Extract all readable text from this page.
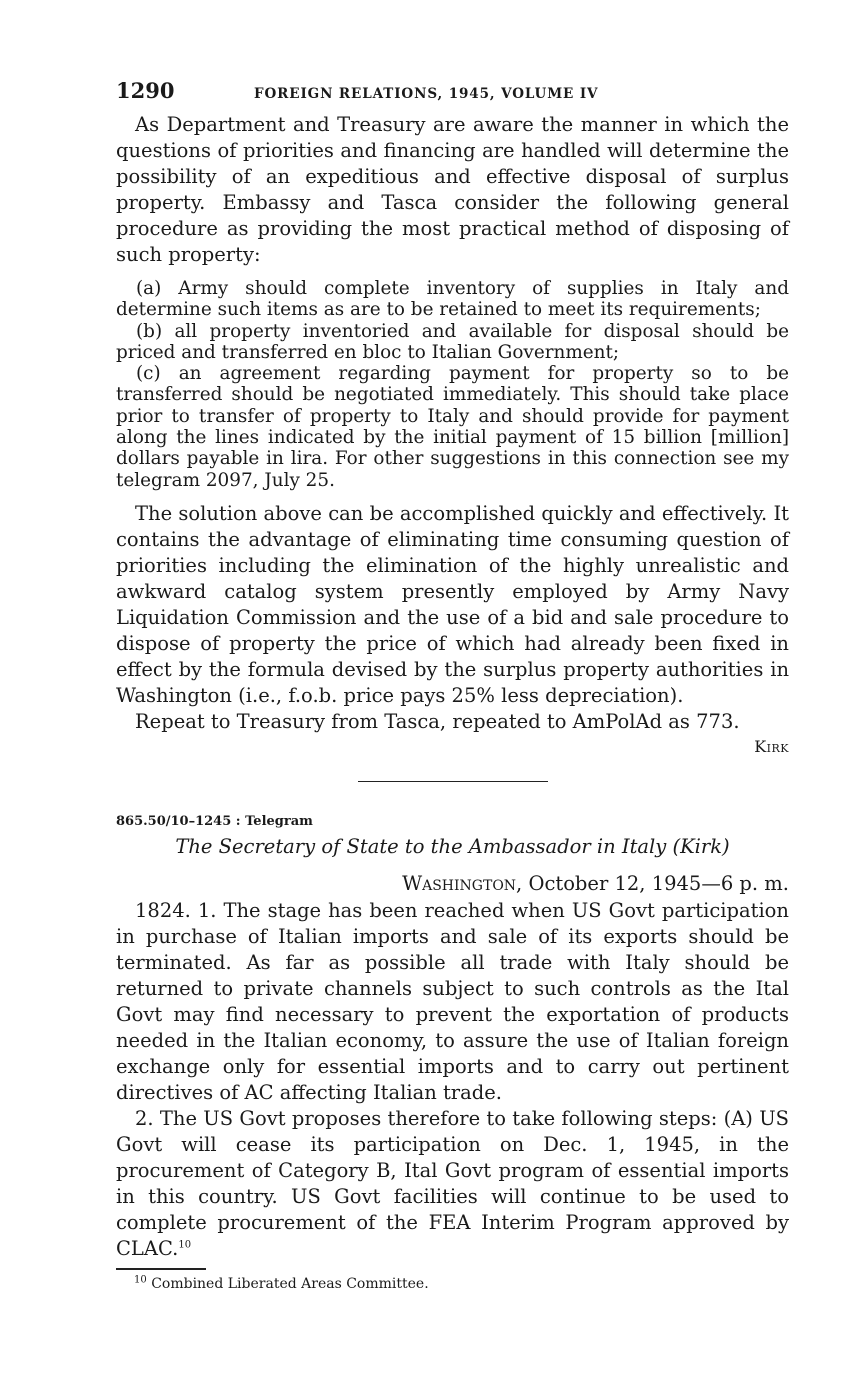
1290	FOREIGN RELATIONS, 1945, VOLUME IV

As Department and Treasury are aware the manner in which the questions of priorities and financing are handled will determine the possibility of an expeditious and effective disposal of surplus property. Embassy and Tasca consider the following general procedure as providing the most practical method of disposing of such property:

(a) Army should complete inventory of supplies in Italy and determine such items as are to be retained to meet its requirements;

(b) all property inventoried and available for disposal should be priced and transferred en bloc to Italian Government;

(c) an agreement regarding payment for property so to be transferred should be negotiated immediately. This should take place prior to transfer of property to Italy and should provide for payment along the lines indicated by the initial payment of 15 billion [million] dollars payable in lira. For other suggestions in this connection see my telegram 2097, July 25.

The solution above can be accomplished quickly and effectively. It contains the advantage of eliminating time consuming question of priorities including the elimination of the highly unrealistic and awkward catalog system presently employed by Army Navy Liquidation Commission and the use of a bid and sale procedure to dispose of property the price of which had already been fixed in effect by the formula devised by the surplus property authorities in Washington (i.e., f.o.b. price pays 25% less depreciation).

Repeat to Treasury from Tasca, repeated to AmPolAd as 773.

Kirk
865.50/10–1245 : Telegram
The Secretary of State to the Ambassador in Italy (Kirk)
Washington, October 12, 1945—6 p. m.

1824. 1. The stage has been reached when US Govt participation in purchase of Italian imports and sale of its exports should be terminated. As far as possible all trade with Italy should be returned to private channels subject to such controls as the Ital Govt may find necessary to prevent the exportation of products needed in the Italian economy, to assure the use of Italian foreign exchange only for essential imports and to carry out pertinent directives of AC affecting Italian trade.

2. The US Govt proposes therefore to take following steps: (A) US Govt will cease its participation on Dec. 1, 1945, in the procurement of Category B, Ital Govt program of essential imports in this country. US Govt facilities will continue to be used to complete procurement of the FEA Interim Program approved by CLAC.$^{10}$

$^{10}$ Combined Liberated Areas Committee.
